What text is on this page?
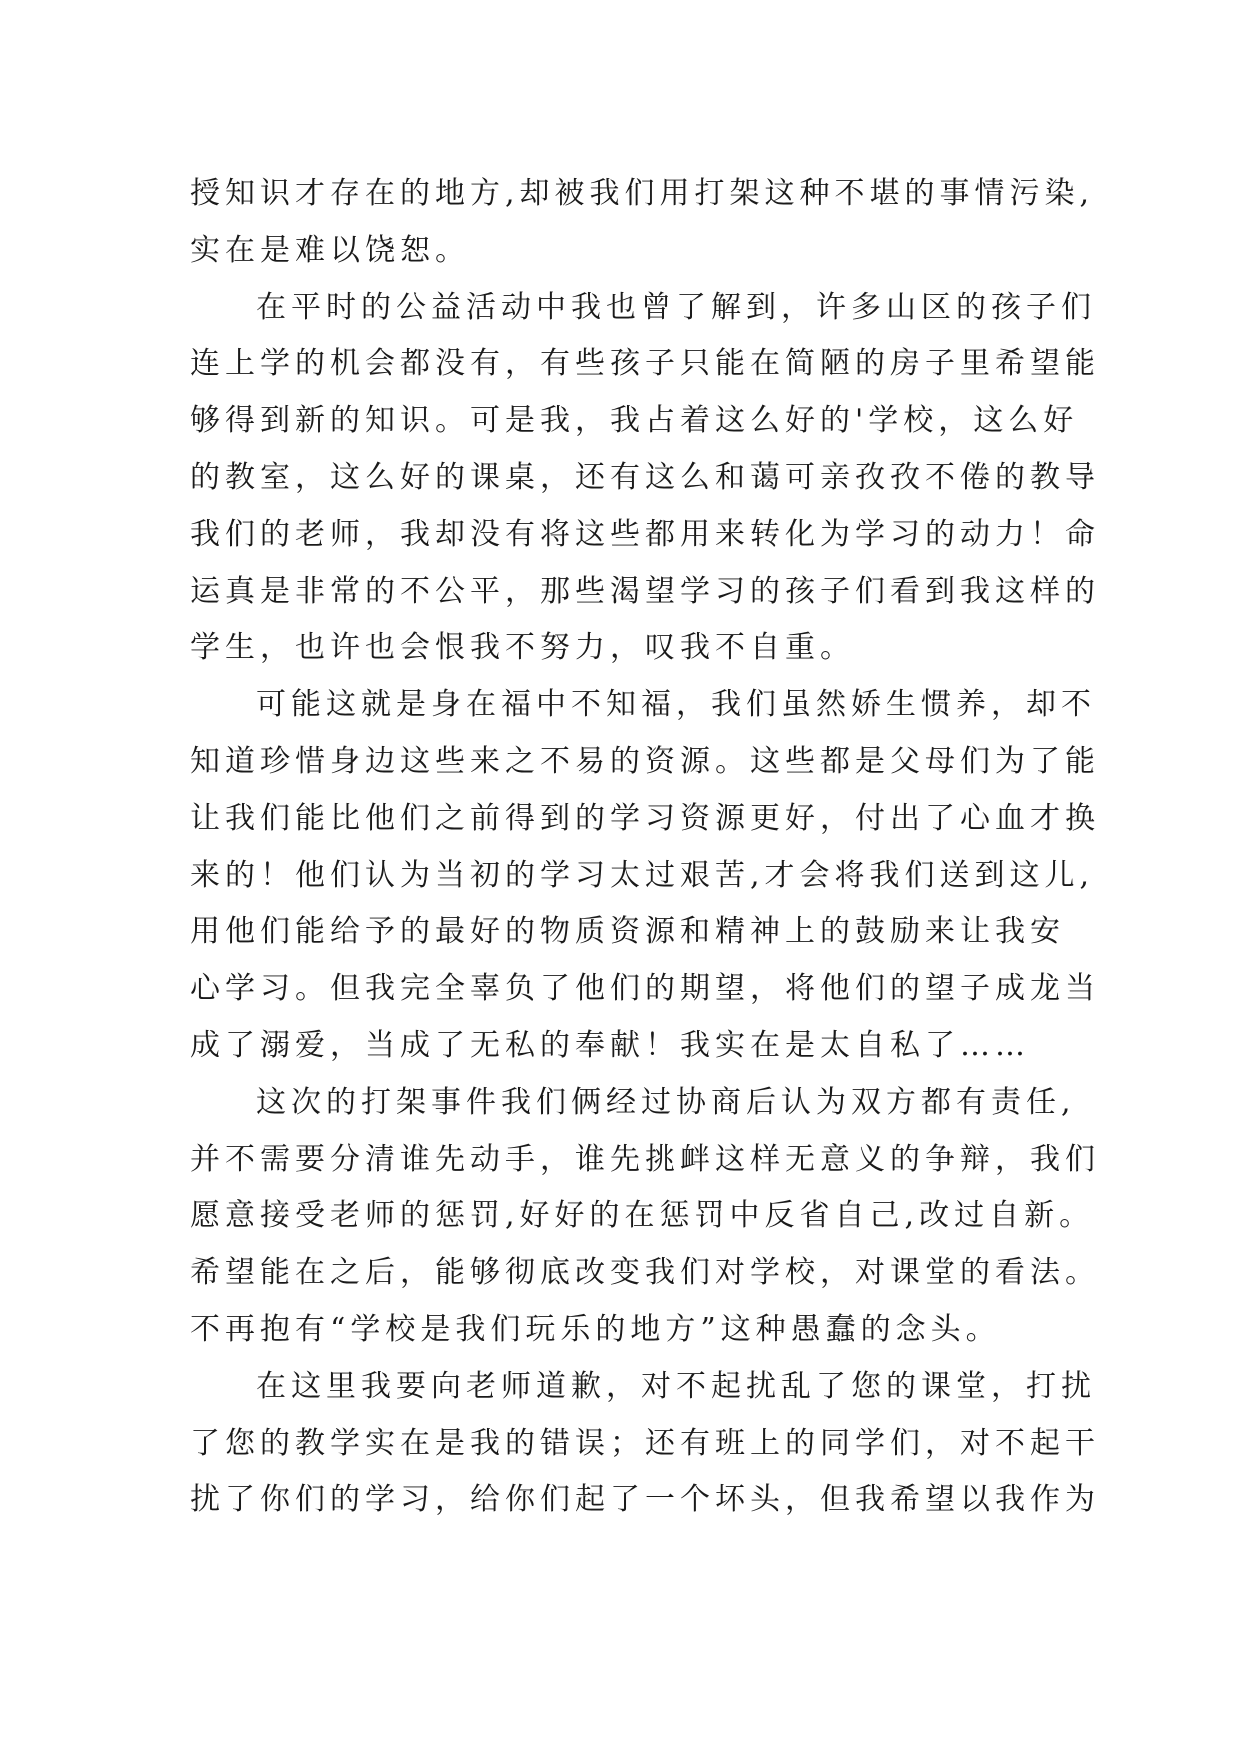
授知识才存在的地方,却被我们用打架这种不堪的事情污染,
实在是难以饶恕。
在平时的公益活动中我也曾了解到，许多山区的孩子们
连上学的机会都没有，有些孩子只能在简陋的房子里希望能
够得到新的知识。可是我，我占着这么好的'学校，这么好
的教室，这么好的课桌，还有这么和蔼可亲孜孜不倦的教导
我们的老师，我却没有将这些都用来转化为学习的动力！命
运真是非常的不公平，那些渴望学习的孩子们看到我这样的
学生，也许也会恨我不努力，叹我不自重。
可能这就是身在福中不知福，我们虽然娇生惯养，却不
知道珍惜身边这些来之不易的资源。这些都是父母们为了能
让我们能比他们之前得到的学习资源更好，付出了心血才换
来的！他们认为当初的学习太过艰苦,才会将我们送到这儿,
用他们能给予的最好的物质资源和精神上的鼓励来让我安
心学习。但我完全辜负了他们的期望，将他们的望子成龙当
成了溺爱，当成了无私的奉献！我实在是太自私了……
这次的打架事件我们俩经过协商后认为双方都有责任,
并不需要分清谁先动手，谁先挑衅这样无意义的争辩，我们
愿意接受老师的惩罚,好好的在惩罚中反省自己,改过自新。
希望能在之后，能够彻底改变我们对学校，对课堂的看法。
不再抱有“学校是我们玩乐的地方”这种愚蠢的念头。
在这里我要向老师道歉，对不起扰乱了您的课堂，打扰
了您的教学实在是我的错误；还有班上的同学们，对不起干
扰了你们的学习，给你们起了一个坏头，但我希望以我作为
